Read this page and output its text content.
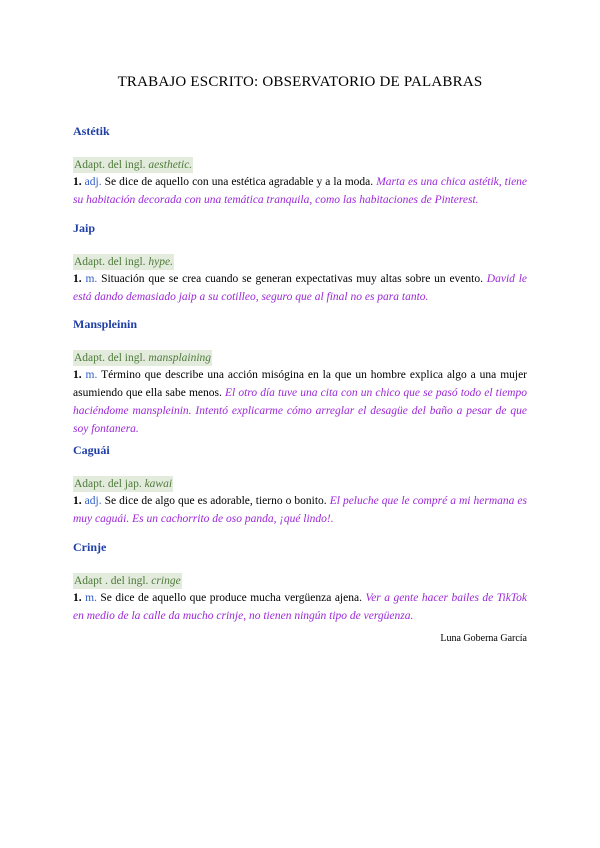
TRABAJO ESCRITO: OBSERVATORIO DE PALABRAS
Astétik
Adapt. del ingl. aesthetic.

1. adj. Se dice de aquello con una estética agradable y a la moda. Marta es una chica astétik, tiene su habitación decorada con una temática tranquila, como las habitaciones de Pinterest.

Jaip
Adapt. del ingl. hype.

1. m. Situación que se crea cuando se generan expectativas muy altas sobre un evento. David le está dando demasiado jaip a su cotilleo, seguro que al final no es para tanto.

Manspleinin
Adapt. del ingl. mansplaining

1. m. Término que describe una acción misógina en la que un hombre explica algo a una mujer asumiendo que ella sabe menos. El otro día tuve una cita con un chico que se pasó todo el tiempo haciéndome manspleinin. Intentó explicarme cómo arreglar el desagüe del baño a pesar de que soy fontanera.

Caguái
Adapt. del jap. kawai

1. adj. Se dice de algo que es adorable, tierno o bonito. El peluche que le compré a mi hermana es muy caguái. Es un cachorrito de oso panda, ¡qué lindo!.

Crinje
Adapt . del ingl. cringe

1. m. Se dice de aquello que produce mucha vergüenza ajena. Ver a gente hacer bailes de TikTok en medio de la calle da mucho crinje, no tienen ningún tipo de vergüenza.

Luna Goberna García
